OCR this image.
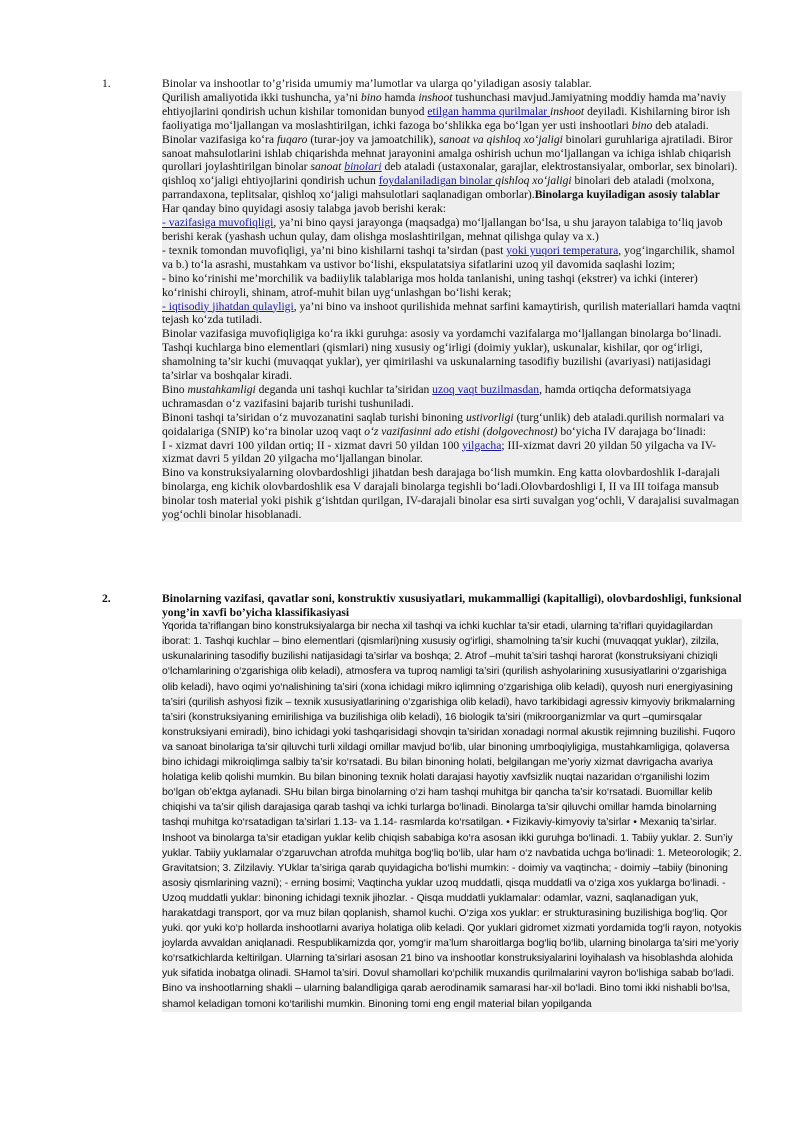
1.	Binolar va inshootlar to’g’risida umumiy ma’lumotlar va ularga qo’yiladigan asosiy talablar.

Qurilish amaliyotida ikki tushuncha, ya’ni bino hamda inshoot tushunchasi mavjud.Jamiyatning moddiy hamda ma’naviy ehtiyojlarini qondirish uchun kishilar tomonidan bunyod etilgan hamma qurilmalar inshoot deyiladi. Kishilarning biror ish faoliyatiga mo‘ljallangan va moslashtirilgan, ichki fazoga bo‘shlikka ega bo‘lgan yer usti inshootlari bino deb ataladi.

Binolar vazifasiga ko‘ra fuqaro (turar-joy va jamoatchilik), sanoat va qishloq xo‘jaligi binolari guruhlariga ajratiladi. Biror sanoat mahsulotlarini ishlab chiqarishda mehnat jarayonini amalga oshirish uchun mo‘ljallangan va ichiga ishlab chiqarish qurollari joylashtirilgan binolar sanoat binolari deb ataladi (ustaxonalar, garajlar, elektrostansiyalar, omborlar, sex binolari). qishloq xo‘jaligi ehtiyojlarini qondirish uchun foydalaniladigan binolar qishloq xo‘jaligi binolari deb ataladi (molxona, parrandaxona, teplitsalar, qishloq xo‘jaligi mahsulotlari saqlanadigan omborlar).Binolarga kuyiladigan asosiy talablar

Har qanday bino quyidagi asosiy talabga javob berishi kerak:

- vazifasiga muvofiqligi, ya’ni bino qaysi jarayonga (maqsadga) mo‘ljallangan bo‘lsa, u shu jarayon talabiga to‘liq javob berishi kerak (yashash uchun qulay, dam olishga moslashtirilgan, mehnat qilishga qulay va x.)

- texnik tomondan muvofiqligi, ya’ni bino kishilarni tashqi ta’sirdan (past yoki yuqori temperatura, yog‘ingarchilik, shamol va b.) to‘la asrashi, mustahkam va ustivor bo‘lishi, ekspulatatsiya sifatlarini uzoq yil davomida saqlashi lozim;

- bino ko‘rinishi me’morchilik va badiiylik talablariga mos holda tanlanishi, uning tashqi (ekstrer) va ichki (interer) ko‘rinishi chiroyli, shinam, atrof-muhit bilan uyg‘unlashgan bo‘lishi kerak;

- iqtisodiy jihatdan qulayligi, ya’ni bino va inshoot qurilishida mehnat sarfini kamaytirish, qurilish materiallari hamda vaqtni tejash ko‘zda tutiladi.

Binolar vazifasiga muvofiqligiga ko‘ra ikki guruhga: asosiy va yordamchi vazifalarga mo‘ljallangan binolarga bo‘linadi.

Tashqi kuchlarga bino elementlari (qismlari) ning xususiy og‘irligi (doimiy yuklar), uskunalar, kishilar, qor og‘irligi, shamolning ta’sir kuchi (muvaqqat yuklar), yer qimirilashi va uskunalarning tasodifiy buzilishi (avariyasi) natijasidagi ta’sirlar va boshqalar kiradi.

Bino mustahkamligi deganda uni tashqi kuchlar ta’siridan uzoq vaqt buzilmasdan, hamda ortiqcha deformatsiyaga uchramasdan o‘z vazifasini bajarib turishi tushuniladi.

Binoni tashqi ta’siridan o‘z muvozanatini saqlab turishi binoning ustivorligi (turg‘unlik) deb ataladi.qurilish normalari va qoidalariga (SNIP) ko‘ra binolar uzoq vaqt o‘z vazifasinni ado etishi (dolgovechnost) bo‘yicha IV darajaga bo‘linadi:

I - xizmat davri 100 yildan ortiq; II - xizmat davri 50 yildan 100 yilgacha; III-xizmat davri 20 yildan 50 yilgacha va IV-xizmat davri 5 yildan 20 yilgacha mo‘ljallangan binolar.

Bino va konstruksiyalarning olovbardoshligi jihatdan besh darajaga bo‘lish mumkin. Eng katta olovbardoshlik I-darajali binolarga, eng kichik olovbardoshlik esa V darajali binolarga tegishli bo‘ladi.Olovbardoshligi I, II va III toifaga mansub binolar tosh material yoki pishik g‘ishtdan qurilgan, IV-darajali binolar esa sirti suvalgan yog‘ochli, V darajalisi suvalmagan yog‘ochli binolar hisoblanadi.

2.	Binolarning vazifasi, qavatlar soni, konstruktiv xususiyatlari, mukammalligi (kapitalligi), olovbardoshligi, funksional yong’in xavfi bo’yicha klassifikasiyasi

Yqorida ta’riflangan bino konstruksiyalarga bir necha xil tashqi va ichki kuchlar ta’sir etadi, ularning ta’riflari quyidagilardan iborat: 1. Tashqi kuchlar – bino elementlari (qismlari)ning xususiy og‘irligi, shamolning ta’sir kuchi (muvaqqat yuklar), zilzila, uskunalarining tasodifiy buzilishi natijasidagi ta’sirlar va boshqa; 2. Atrof –muhit ta’siri tashqi harorat (konstruksiyani chiziqli o‘lchamlarining o‘zgarishiga olib keladi), atmosfera va tuproq namligi ta’siri (qurilish ashyolarining xususiyatlarini o‘zgarishiga olib keladi), havo oqimi yo‘nalishining ta’siri (xona ichidagi mikro iqlimning o‘zgarishiga olib keladi), quyosh nuri energiyasining ta’siri (qurilish ashyosi fizik – texnik xususiyatlarining o‘zgarishiga olib keladi), havo tarkibidagi agressiv kimyoviy brikmalarning ta’siri (konstruksiyaning emirilishiga va buzilishiga olib keladi), 16 biologik ta’siri (mikroorganizmlar va qurt –qumirsqalar konstruksiyani emiradi), bino ichidagi yoki tashqarisidagi shovqin ta’siridan xonadagi normal akustik rejimning buzilishi. Fuqoro va sanoat binolariga ta’sir qiluvchi turli xildagi omillar mavjud bo‘lib, ular binoning umrboqiyligiga, mustahkamligiga, qolaversa bino ichidagi mikroiqlimga salbiy ta’sir ko‘rsatadi. Bu bilan binoning holati, belgilangan me’yoriy xizmat davrigacha avariya holatiga kelib qolishi mumkin. Bu bilan binoning texnik holati darajasi hayotiy xavfsizlik nuqtai nazaridan o‘rganilishi lozim bo‘lgan ob’ektga aylanadi. SHu bilan birga binolarning o‘zi ham tashqi muhitga bir qancha ta’sir ko‘rsatadi. Buomillar kelib chiqishi va ta’sir qilish darajasiga qarab tashqi va ichki turlarga bo‘linadi. Binolarga ta’sir qiluvchi omillar hamda binolarning tashqi muhitga ko‘rsatadigan ta’sirlari 1.13- va 1.14- rasmlarda ko‘rsatilgan. • Fizikaviy-kimyoviy ta’sirlar • Mexaniq ta’sirlar.

Inshoot va binolarga ta’sir etadigan yuklar kelib chiqish sababiga ko‘ra asosan ikki guruhga bo‘linadi. 1. Tabiiy yuklar. 2. Sun’iy yuklar. Tabiiy yuklamalar o‘zgaruvchan atrofda muhitga bog‘liq bo‘lib, ular ham o‘z navbatida uchga bo‘linadi: 1. Meteorologik; 2. Gravitatsion; 3. Zilzilaviy. YUklar ta’siriga qarab quyidagicha bo‘lishi mumkin: - doimiy va vaqtincha; - doimiy –tabiiy (binoning asosiy qismlarining vazni); - erning bosimi; Vaqtincha yuklar uzoq muddatli, qisqa muddatli va o‘ziga xos yuklarga bo‘linadi. - Uzoq muddatli yuklar: binoning ichidagi texnik jihozlar. - Qisqa muddatli yuklamalar: odamlar, vazni, saqlanadigan yuk, harakatdagi transport, qor va muz bilan qoplanish, shamol kuchi. O‘ziga xos yuklar: er strukturasining buzilishiga bog‘liq. Qor yuki. qor yuki ko‘p hollarda inshootlarni avariya holatiga olib keladi. Qor yuklari gidromet xizmati yordamida tog‘li rayon, notyokis joylarda avvaldan aniqlanadi. Respublikamizda qor, yomg‘ir ma’lum sharoitlarga bog‘liq bo‘lib, ularning binolarga ta’siri me’yoriy ko‘rsatkichlarda keltirilgan. Ularning ta’sirlari asosan 21 bino va inshootlar konstruksiyalarini loyihalash va hisoblashda alohida yuk sifatida inobatga olinadi. SHamol ta’siri. Dovul shamollari ko‘pchilik muxandis qurilmalarini vayron bo‘lishiga sabab bo‘ladi. Bino va inshootlarning shakli – ularning balandligiga qarab aerodinamik samarasi har-xil bo‘ladi. Bino tomi ikki nishabli bo‘lsa, shamol keladigan tomoni ko‘tarilishi mumkin. Binoning tomi eng engil material bilan yopilganda
